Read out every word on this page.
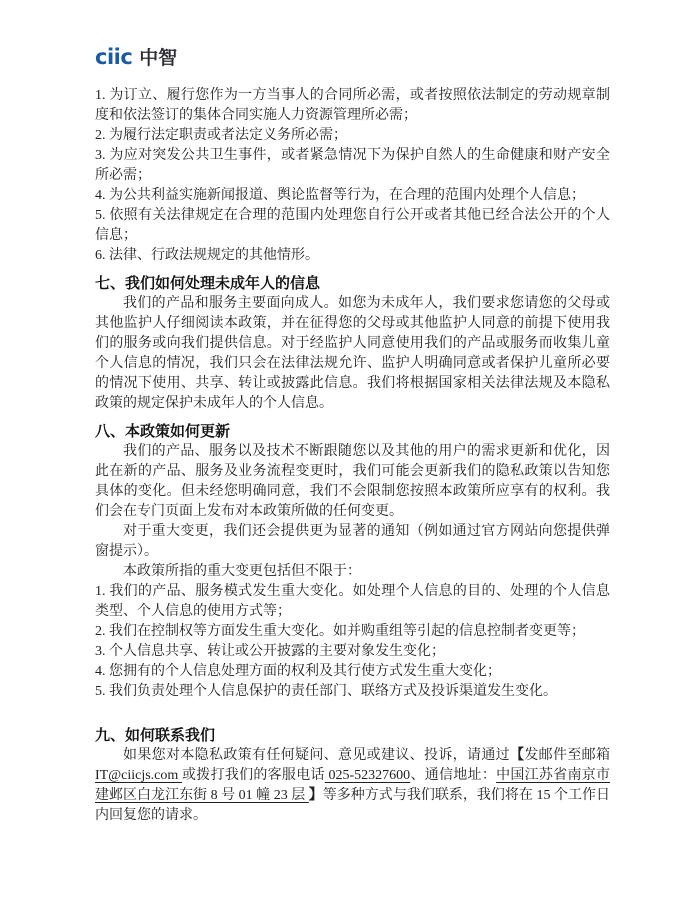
ciic 中智

1. 为订立、履行您作为一方当事人的合同所必需，或者按照依法制定的劳动规章制度和依法签订的集体合同实施人力资源管理所必需；

2. 为履行法定职责或者法定义务所必需；

3. 为应对突发公共卫生事件，或者紧急情况下为保护自然人的生命健康和财产安全所必需；

4. 为公共利益实施新闻报道、舆论监督等行为，在合理的范围内处理个人信息；

5. 依照有关法律规定在合理的范围内处理您自行公开或者其他已经合法公开的个人信息；

6. 法律、行政法规规定的其他情形。

七、我们如何处理未成年人的信息

我们的产品和服务主要面向成人。如您为未成年人，我们要求您请您的父母或其他监护人仔细阅读本政策，并在征得您的父母或其他监护人同意的前提下使用我们的服务或向我们提供信息。对于经监护人同意使用我们的产品或服务而收集儿童个人信息的情况，我们只会在法律法规允许、监护人明确同意或者保护儿童所必要的情况下使用、共享、转让或披露此信息。我们将根据国家相关法律法规及本隐私政策的规定保护未成年人的个人信息。

八、本政策如何更新

我们的产品、服务以及技术不断跟随您以及其他的用户的需求更新和优化，因此在新的产品、服务及业务流程变更时，我们可能会更新我们的隐私政策以告知您具体的变化。但未经您明确同意，我们不会限制您按照本政策所应享有的权利。我们会在专门页面上发布对本政策所做的任何变更。

对于重大变更，我们还会提供更为显著的通知（例如通过官方网站向您提供弹窗提示）。

本政策所指的重大变更包括但不限于：

1. 我们的产品、服务模式发生重大变化。如处理个人信息的目的、处理的个人信息类型、个人信息的使用方式等；

2. 我们在控制权等方面发生重大变化。如并购重组等引起的信息控制者变更等；

3. 个人信息共享、转让或公开披露的主要对象发生变化；

4. 您拥有的个人信息处理方面的权利及其行使方式发生重大变化；

5. 我们负责处理个人信息保护的责任部门、联络方式及投诉渠道发生变化。

九、如何联系我们

如果您对本隐私政策有任何疑问、意见或建议、投诉，请通过【发邮件至邮箱IT@ciicjs.com 或拨打我们的客服电话 025-52327600、通信地址：中国江苏省南京市建邺区白龙江东街 8 号 01 幢 23 层 】等多种方式与我们联系，我们将在 15 个工作日内回复您的请求。
